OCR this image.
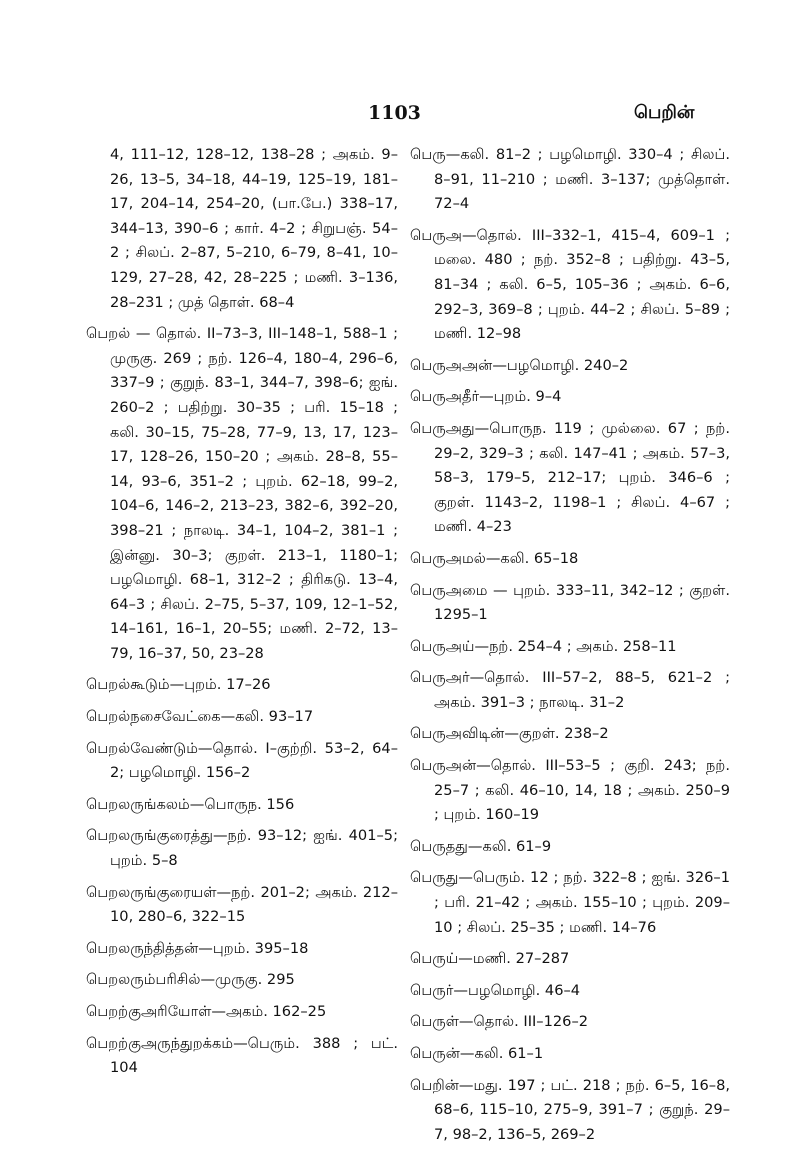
1103	பெறின்

4, 111–12, 128–12, 138–28 ; அகம். 9–26, 13–5, 34–18, 44–19, 125–19, 181–17, 204–14, 254–20, (பா.பே.) 338–17, 344–13, 390–6 ; கார். 4–2 ; சிறுபஞ். 54–2 ; சிலப். 2–87, 5–210, 6–79, 8–41, 10–129, 27–28, 42, 28–225 ; மணி. 3–136, 28–231 ; முத் தொள். 68–4

பெறல் — தொல். II–73–3, III–148–1, 588–1 ; முருகு. 269 ; நற். 126–4, 180–4, 296–6, 337–9 ; குறுந். 83–1, 344–7, 398–6; ஐங். 260–2 ; பதிற்று. 30–35 ; பரி. 15–18 ; கலி. 30–15, 75–28, 77–9, 13, 17, 123–17, 128–26, 150–20 ; அகம். 28–8, 55–14, 93–6, 351–2 ; புறம். 62–18, 99–2, 104–6, 146–2, 213–23, 382–6, 392–20, 398–21 ; நாலடி. 34–1, 104–2, 381–1 ; இன்னு. 30–3; குறள். 213–1, 1180–1; பழமொழி. 68–1, 312–2 ; திரிகடு. 13–4, 64–3 ; சிலப். 2–75, 5–37, 109, 12–1–52, 14–161, 16–1, 20–55; மணி. 2–72, 13–79, 16–37, 50, 23–28

பெறல்கூடும்—புறம். 17–26

பெறல்நசைவேட்கை—கலி. 93–17

பெறல்வேண்டும்—தொல். I–குற்றி. 53–2, 64–2; பழமொழி. 156–2

பெறலருங்கலம்—பொருந. 156

பெறலருங்குரைத்து—நற். 93–12; ஐங். 401–5; புறம். 5–8

பெறலருங்குரையள்—நற். 201–2; அகம். 212–10, 280–6, 322–15

பெறலருந்தித்தன்—புறம். 395–18

பெறலரும்பரிசில்—முருகு. 295

பெறற்குஅரியோள்—அகம். 162–25

பெறற்குஅருந்துறக்கம்—பெரும். 388 ; பட். 104

பெரு—கலி. 81–2 ; பழமொழி. 330–4 ; சிலப். 8–91, 11–210 ; மணி. 3–137; முத்தொள். 72–4

பெருஅ—தொல். III–332–1, 415–4, 609–1 ; மலை. 480 ; நற். 352–8 ; பதிற்று. 43–5, 81–34 ; கலி. 6–5, 105–36 ; அகம். 6–6, 292–3, 369–8 ; புறம். 44–2 ; சிலப். 5–89 ; மணி. 12–98

பெருஅஅன்—பழமொழி. 240–2

பெருஅதீர்—புறம். 9–4

பெருஅது—பொருந. 119 ; முல்லை. 67 ; நற். 29–2, 329–3 ; கலி. 147–41 ; அகம். 57–3, 58–3, 179–5, 212–17; புறம். 346–6 ; குறள். 1143–2, 1198–1 ; சிலப். 4–67 ; மணி. 4–23

பெருஅமல்—கலி. 65–18

பெருஅமை — புறம். 333–11, 342–12 ; குறள். 1295–1

பெருஅய்—நற். 254–4 ; அகம். 258–11

பெருஅர்—தொல். III–57–2, 88–5, 621–2 ; அகம். 391–3 ; நாலடி. 31–2

பெருஅவிடின்—குறள். 238–2

பெருஅன்—தொல். III–53–5 ; குறி. 243; நற். 25–7 ; கலி. 46–10, 14, 18 ; அகம். 250–9 ; புறம். 160–19

பெருதது—கலி. 61–9

பெருது—பெரும். 12 ; நற். 322–8 ; ஐங். 326–1 ; பரி. 21–42 ; அகம். 155–10 ; புறம். 209–10 ; சிலப். 25–35 ; மணி. 14–76

பெருய்—மணி. 27–287

பெருர்—பழமொழி. 46–4

பெருள்—தொல். III–126–2

பெருன்—கலி. 61–1

பெறின்—மது. 197 ; பட். 218 ; நற். 6–5, 16–8, 68–6, 115–10, 275–9, 391–7 ; குறுந். 29–7, 98–2, 136–5, 269–2
